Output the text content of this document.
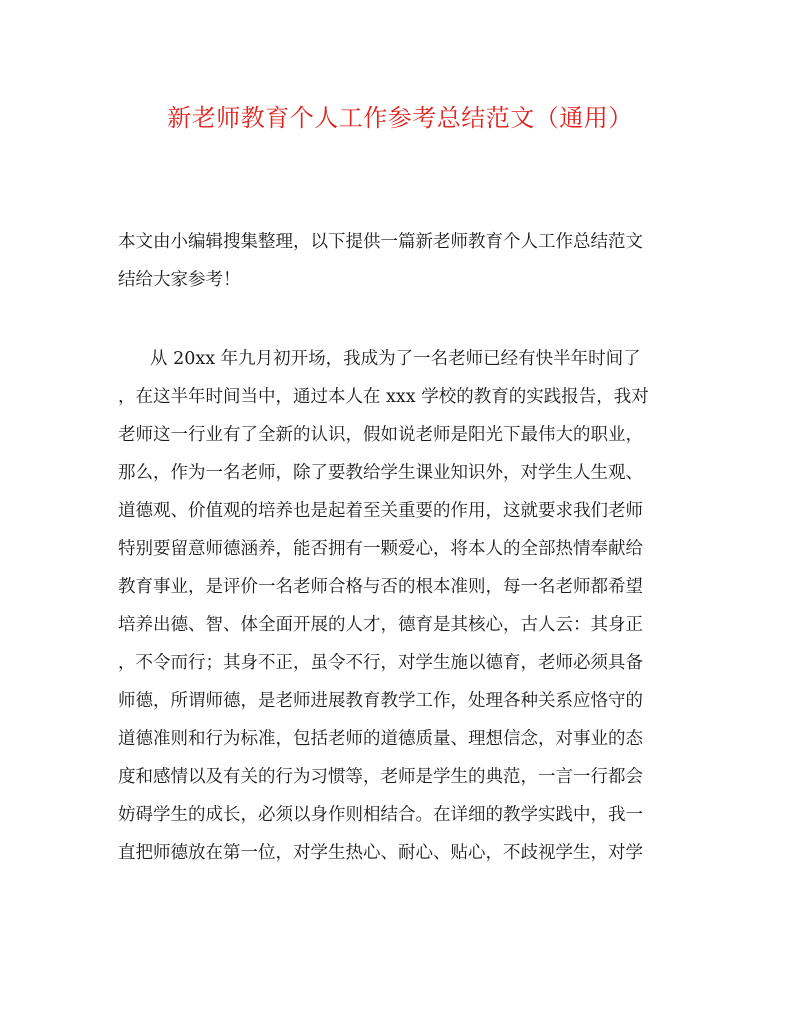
新老师教育个人工作参考总结范文（通用）
本文由小编辑搜集整理，以下提供一篇新老师教育个人工作总结范文
结给大家参考！
从 20xx 年九月初开场，我成为了一名老师已经有快半年时间了
，在这半年时间当中，通过本人在 xxx 学校的教育的实践报告，我对
老师这一行业有了全新的认识，假如说老师是阳光下最伟大的职业，
那么，作为一名老师，除了要教给学生课业知识外，对学生人生观、
道德观、价值观的培养也是起着至关重要的作用，这就要求我们老师
特别要留意师德涵养，能否拥有一颗爱心，将本人的全部热情奉献给
教育事业，是评价一名老师合格与否的根本准则，每一名老师都希望
培养出德、智、体全面开展的人才，德育是其核心，古人云：其身正
，不令而行；其身不正，虽令不行，对学生施以德育，老师必须具备
师德，所谓师德，是老师进展教育教学工作，处理各种关系应恪守的
道德准则和行为标准，包括老师的道德质量、理想信念，对事业的态
度和感情以及有关的行为习惯等，老师是学生的典范，一言一行都会
妨碍学生的成长，必须以身作则相结合。在详细的教学实践中，我一
直把师德放在第一位，对学生热心、耐心、贴心，不歧视学生，对学
